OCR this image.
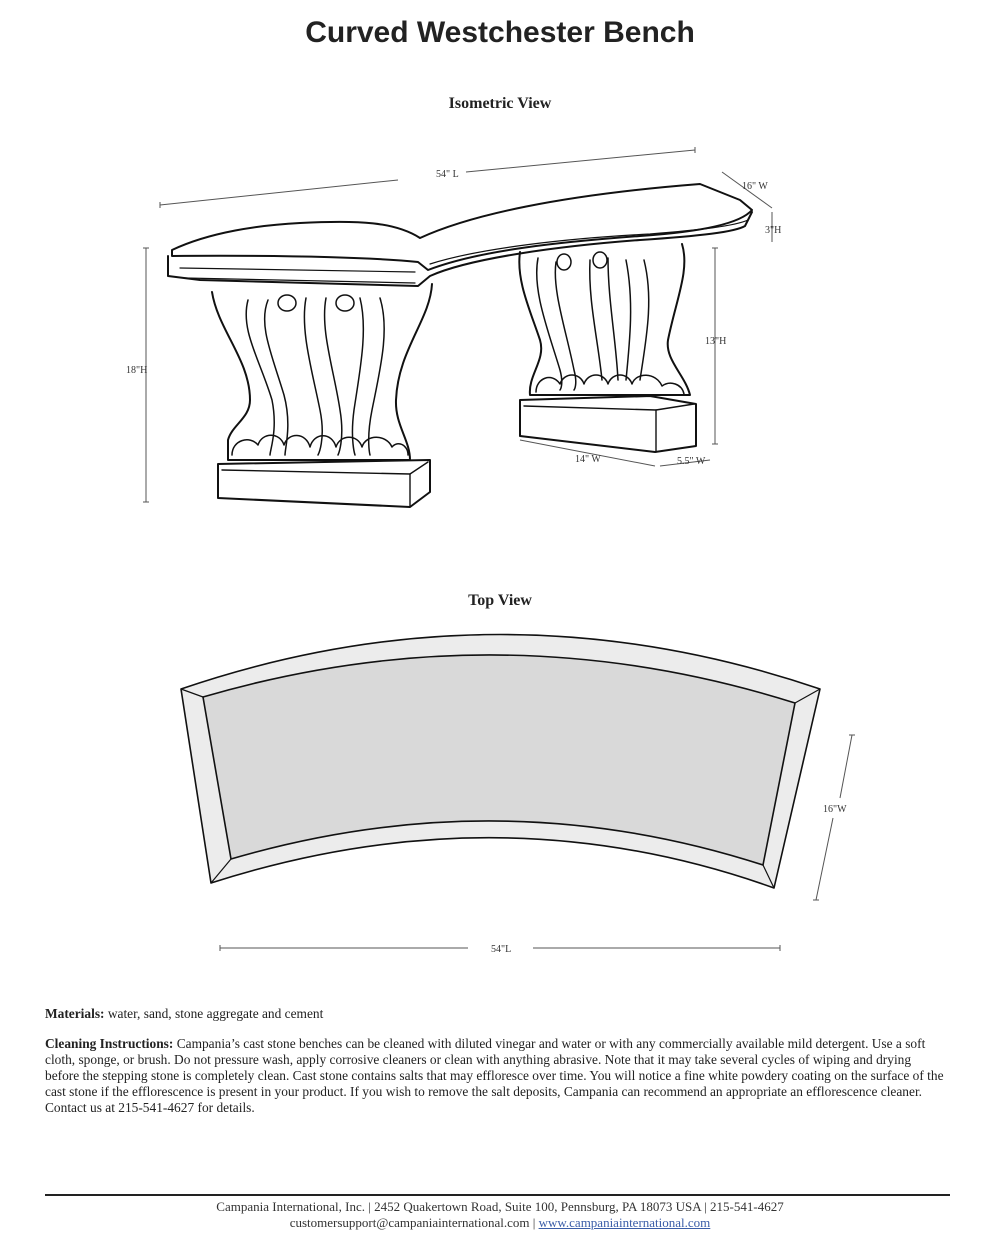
Curved Westchester Bench
Isometric View
54" L
16" W
3"H
13"H
18"H
14" W	5.5" W
Top View
16"W
54"L
Materials: water, sand, stone aggregate and cement
Cleaning Instructions: Campania’s cast stone benches can be cleaned with diluted vinegar and water or with any commercially available mild detergent. Use a soft cloth, sponge, or brush. Do not pressure wash, apply corrosive cleaners or clean with anything abrasive. Note that it may take several cycles of wiping and drying before the stepping stone is completely clean. Cast stone contains salts that may effloresce over time. You will notice a fine white powdery coating on the surface of the cast stone if the efflorescence is present in your product. If you wish to remove the salt deposits, Campania can recommend an appropriate an efflorescence cleaner. Contact us at 215-541-4627 for details.
Campania International, Inc. | 2452 Quakertown Road, Suite 100, Pennsburg, PA 18073 USA | 215-541-4627
customersupport@campaniainternational.com | www.campaniainternational.com
